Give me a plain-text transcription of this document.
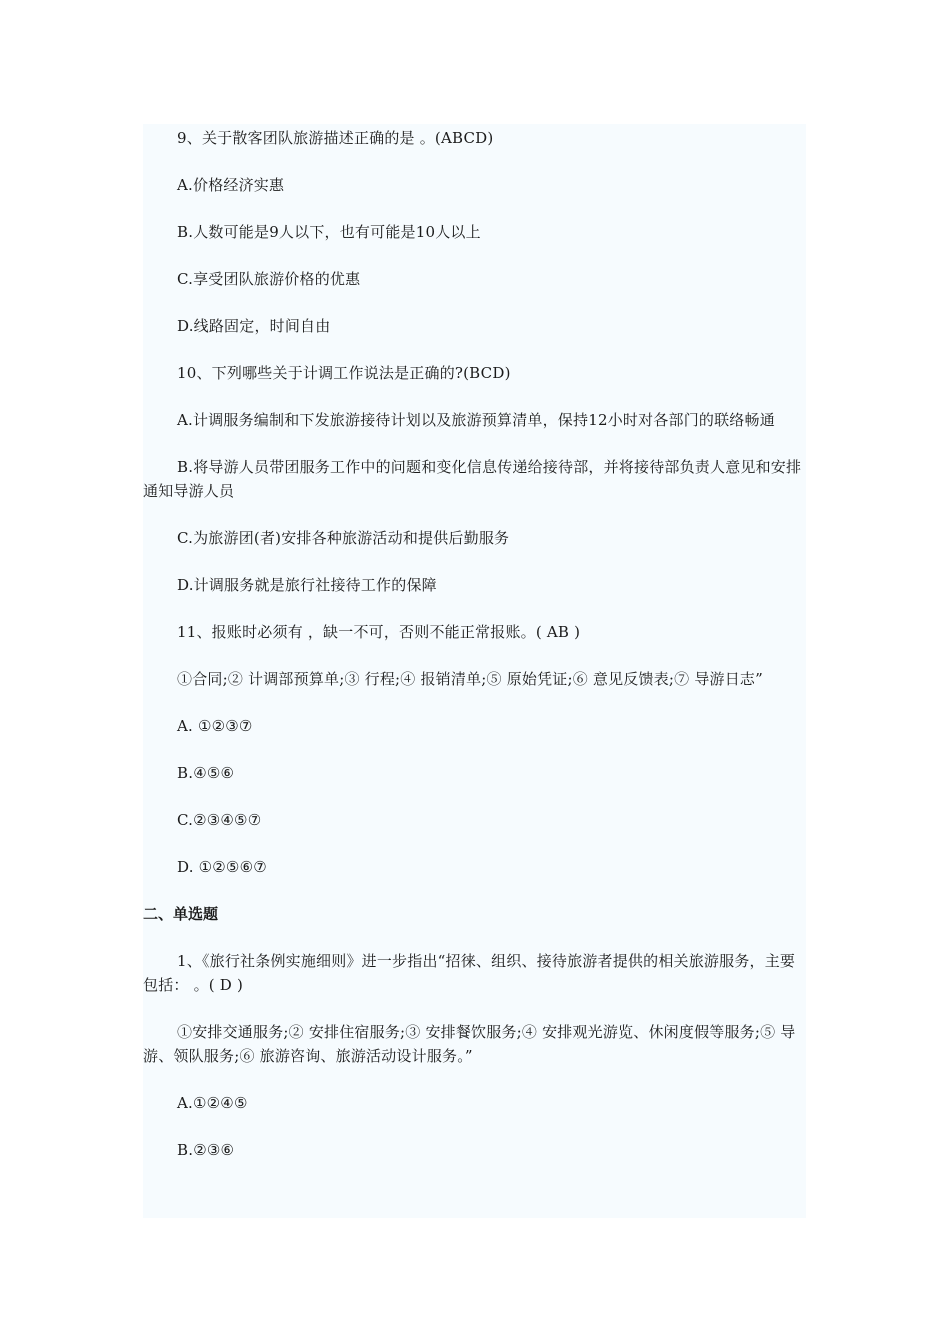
9、关于散客团队旅游描述正确的是 。(ABCD)

A.价格经济实惠

B.人数可能是9人以下，也有可能是10人以上

C.享受团队旅游价格的优惠

D.线路固定，时间自由

10、下列哪些关于计调工作说法是正确的?(BCD)

A.计调服务编制和下发旅游接待计划以及旅游预算清单，保持12小时对各部门的联络畅通

B.将导游人员带团服务工作中的问题和变化信息传递给接待部，并将接待部负责人意见和安排通知导游人员

C.为旅游团(者)安排各种旅游活动和提供后勤服务

D.计调服务就是旅行社接待工作的保障

11、报账时必须有 ，缺一不可，否则不能正常报账。( AB )

①合同;② 计调部预算单;③ 行程;④ 报销清单;⑤ 原始凭证;⑥ 意见反馈表;⑦ 导游日志”

A. ①②③⑦

B.④⑤⑥

C.②③④⑤⑦

D. ①②⑤⑥⑦

二、单选题

1、《旅行社条例实施细则》进一步指出“招徕、组织、接待旅游者提供的相关旅游服务，主要包括： 。( D )

①安排交通服务;② 安排住宿服务;③ 安排餐饮服务;④ 安排观光游览、休闲度假等服务;⑤ 导游、领队服务;⑥ 旅游咨询、旅游活动设计服务。”

A.①②④⑤

B.②③⑥
